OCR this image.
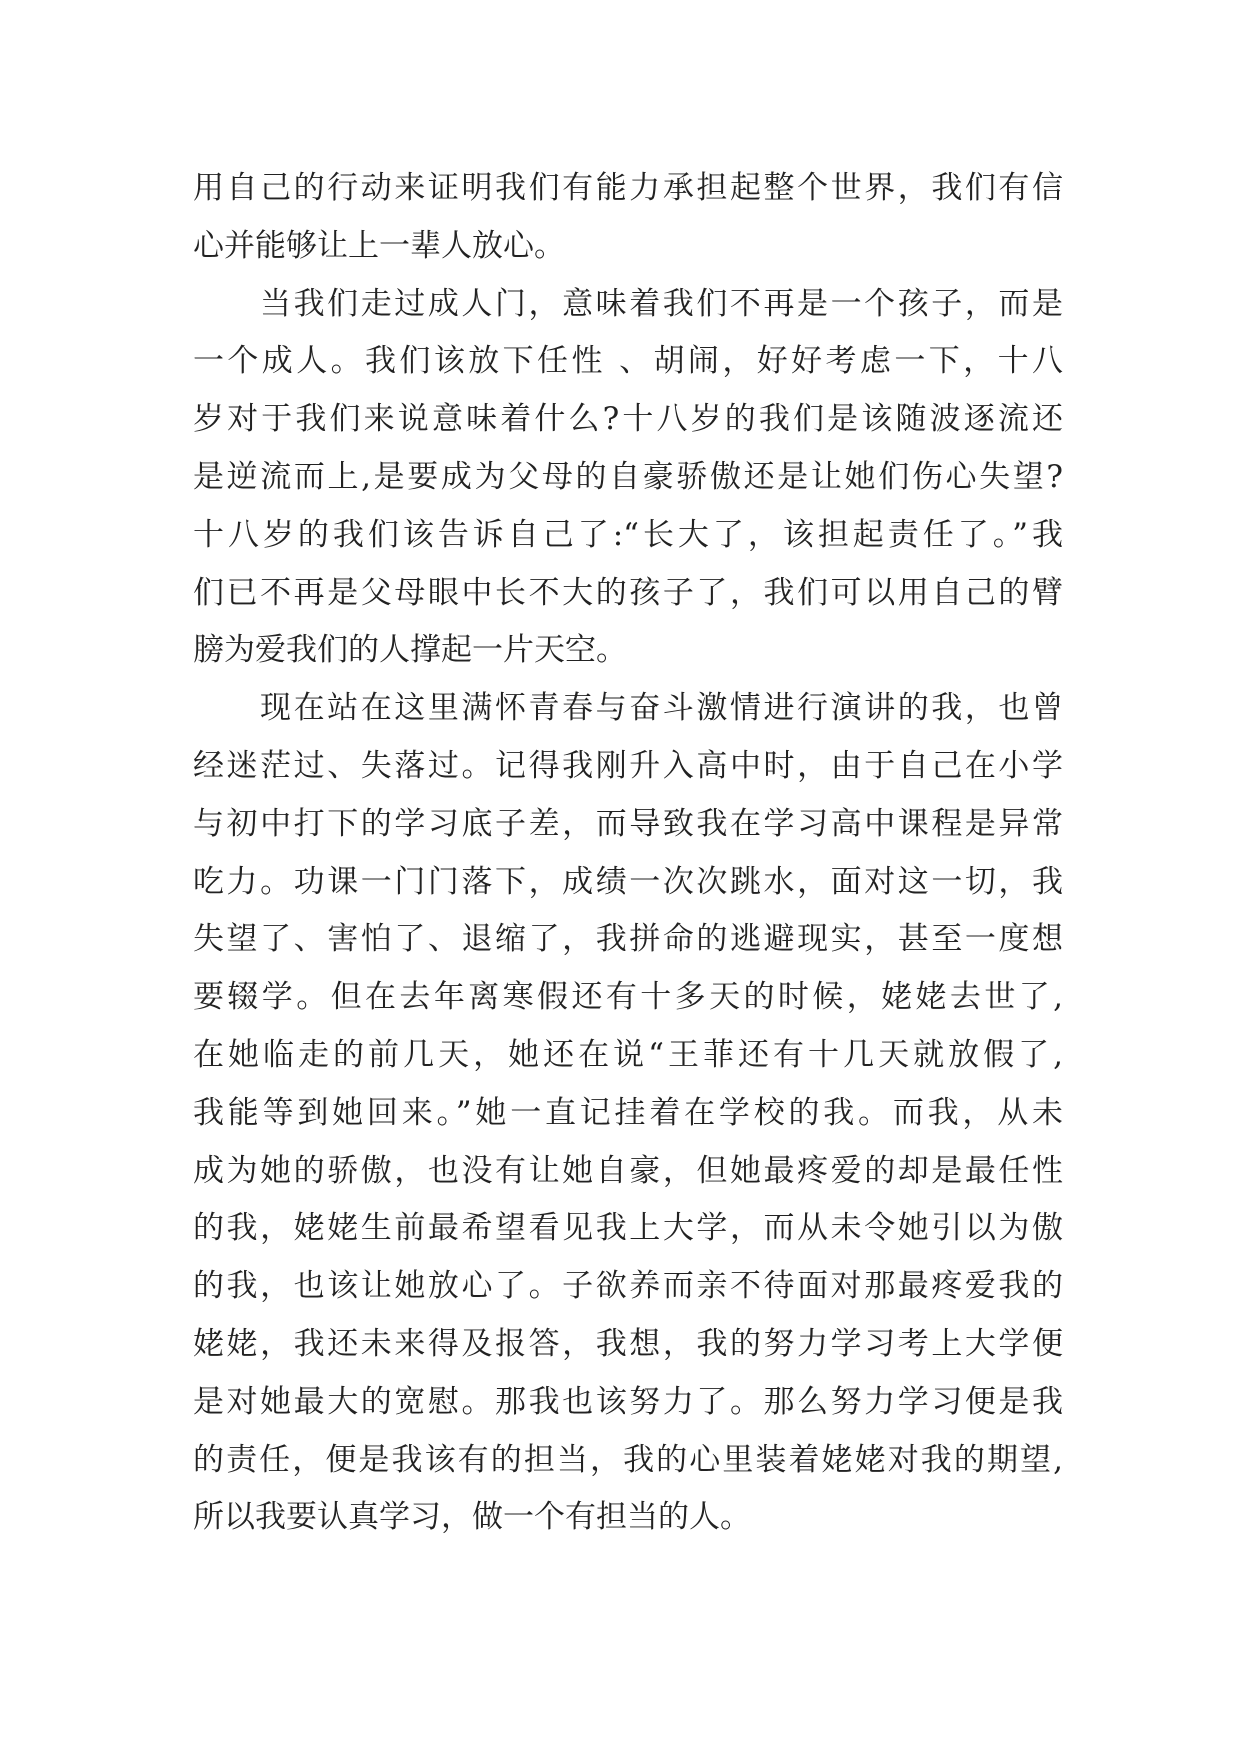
用自己的行动来证明我们有能力承担起整个世界，我们有信
心并能够让上一辈人放心。
当我们走过成人门，意味着我们不再是一个孩子，而是
一个成人。我们该放下任性 、胡闹，好好考虑一下，十八
岁对于我们来说意味着什么?十八岁的我们是该随波逐流还
是逆流而上,是要成为父母的自豪骄傲还是让她们伤心失望?
十八岁的我们该告诉自己了:“长大了，该担起责任了。”我
们已不再是父母眼中长不大的孩子了，我们可以用自己的臂
膀为爱我们的人撑起一片天空。
现在站在这里满怀青春与奋斗激情进行演讲的我，也曾
经迷茫过、失落过。记得我刚升入高中时，由于自己在小学
与初中打下的学习底子差，而导致我在学习高中课程是异常
吃力。功课一门门落下，成绩一次次跳水，面对这一切，我
失望了、害怕了、退缩了，我拼命的逃避现实，甚至一度想
要辍学。但在去年离寒假还有十多天的时候，姥姥去世了,
在她临走的前几天，她还在说“王菲还有十几天就放假了,
我能等到她回来。”她一直记挂着在学校的我。而我，从未
成为她的骄傲，也没有让她自豪，但她最疼爱的却是最任性
的我，姥姥生前最希望看见我上大学，而从未令她引以为傲
的我，也该让她放心了。子欲养而亲不待面对那最疼爱我的
姥姥，我还未来得及报答，我想，我的努力学习考上大学便
是对她最大的宽慰。那我也该努力了。那么努力学习便是我
的责任，便是我该有的担当，我的心里装着姥姥对我的期望,
所以我要认真学习，做一个有担当的人。
